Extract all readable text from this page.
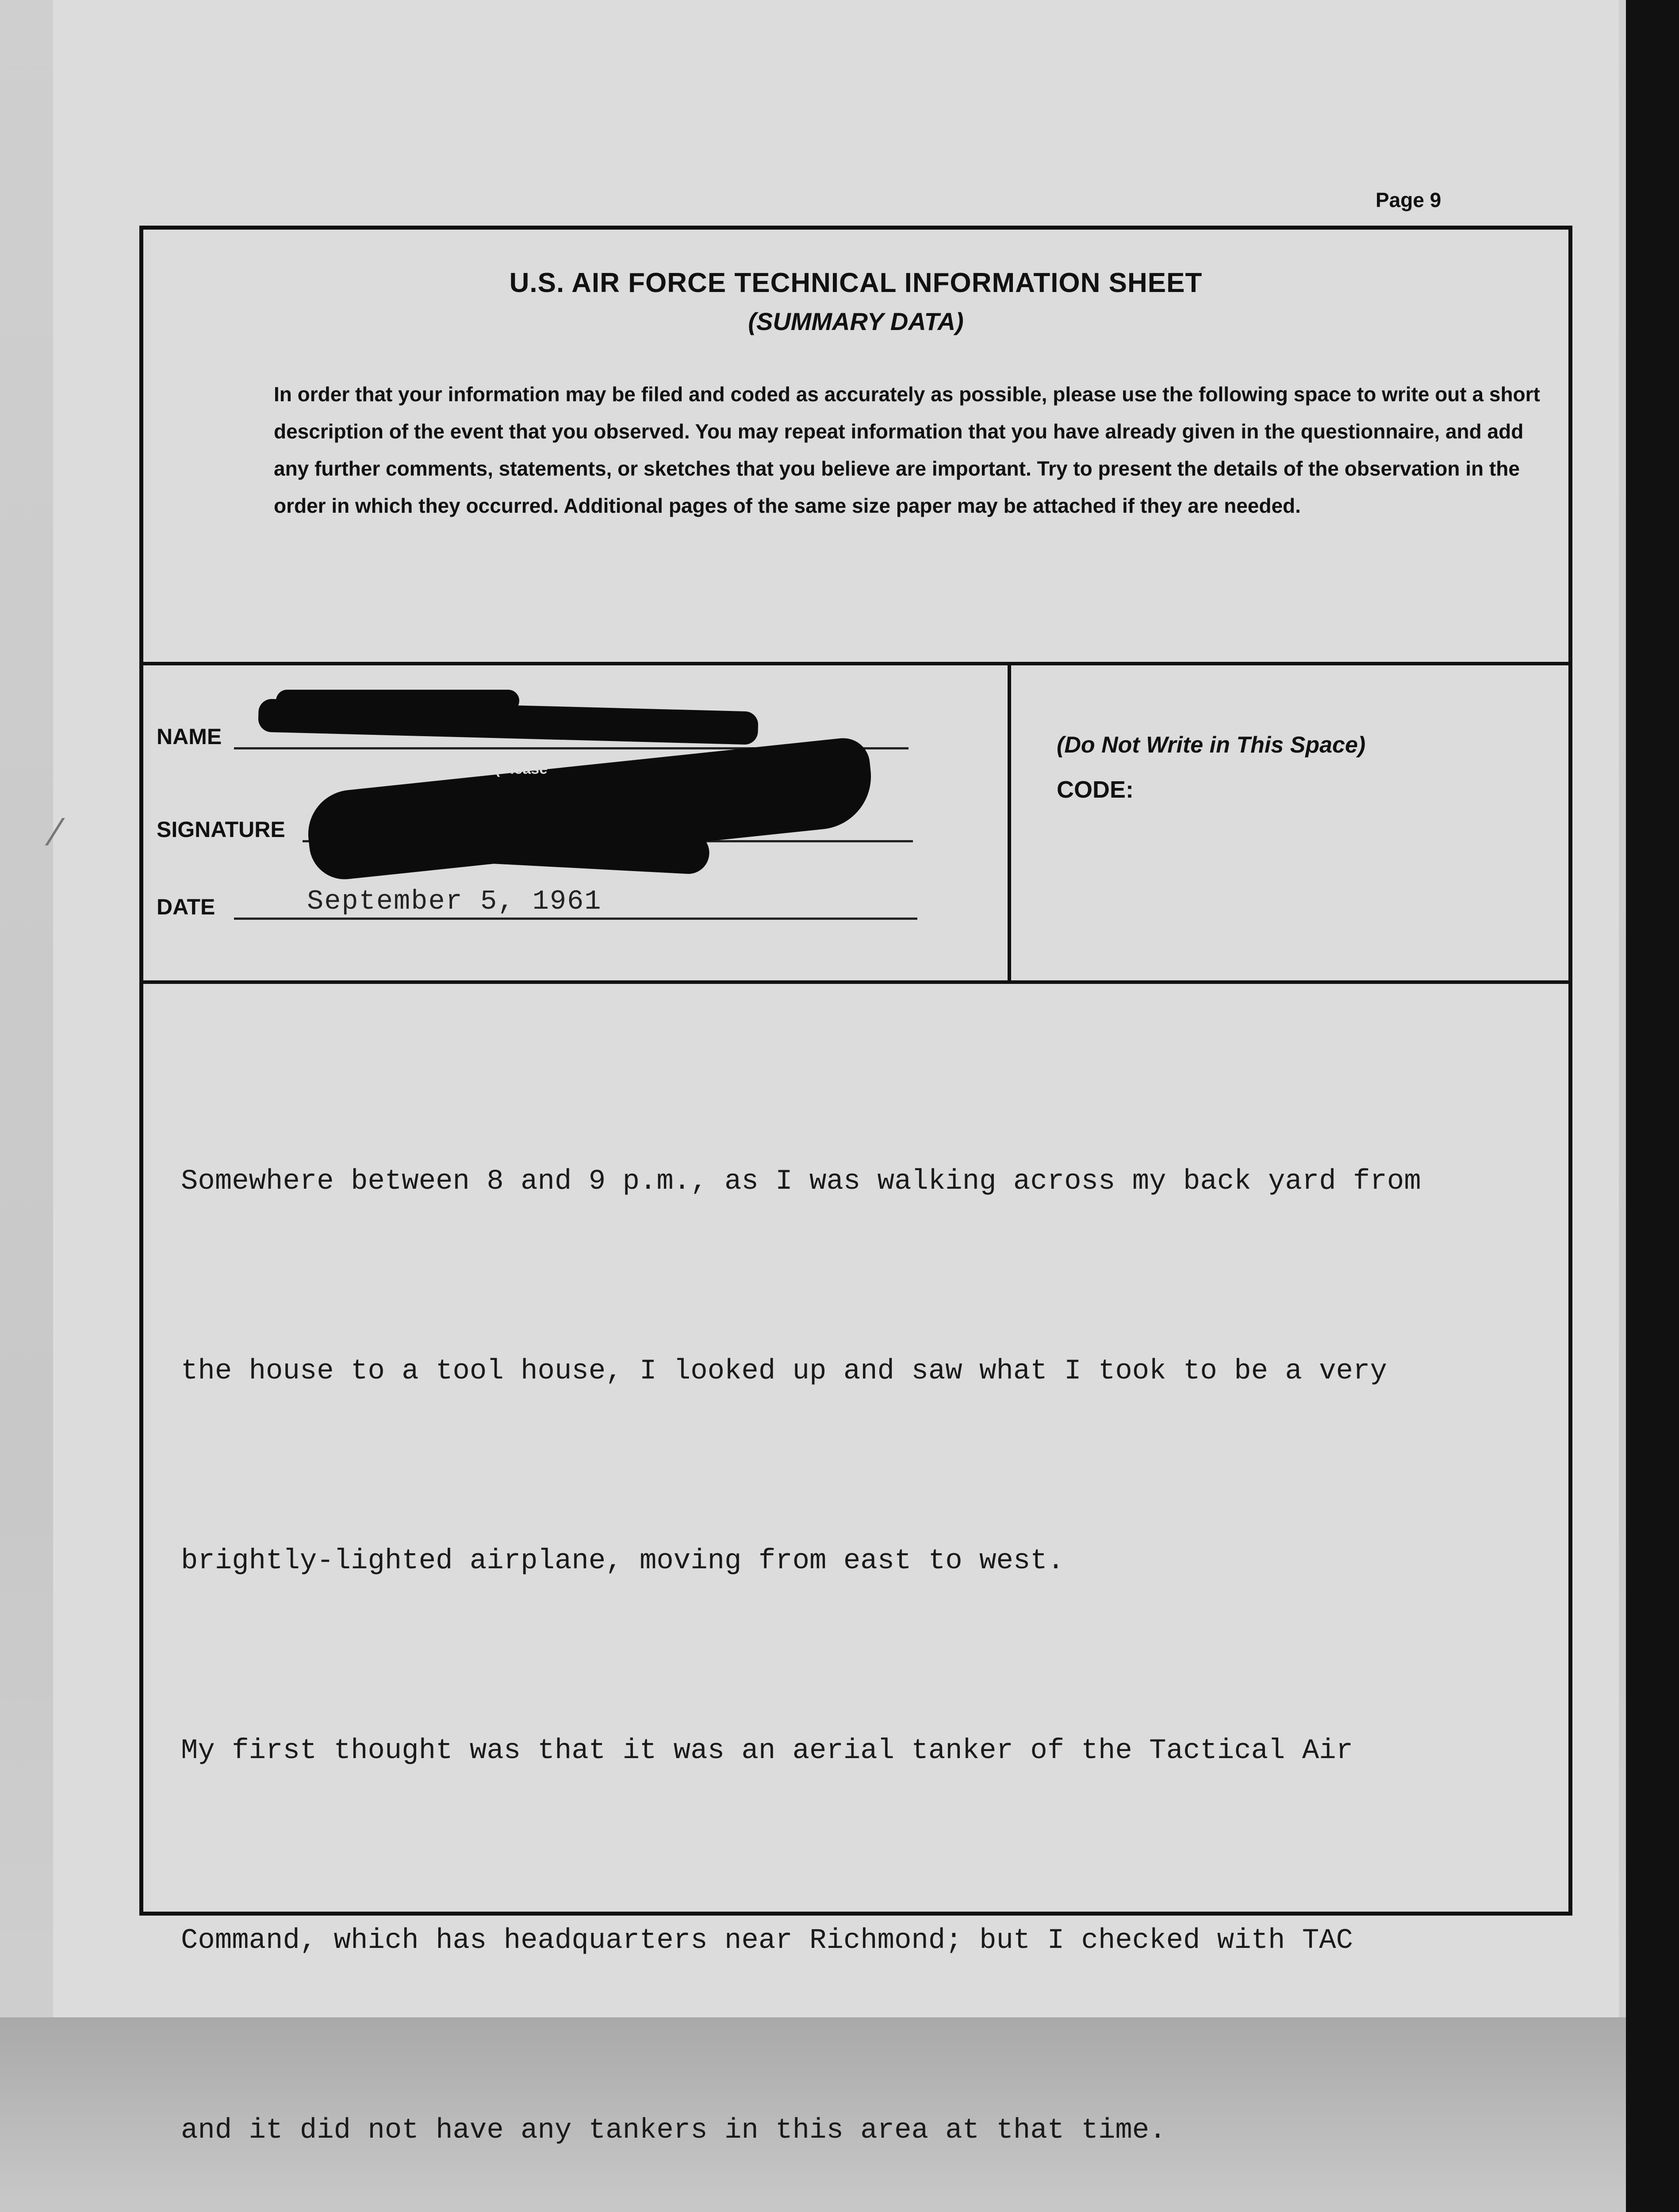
Page 9
U.S. AIR FORCE TECHNICAL INFORMATION SHEET
(SUMMARY DATA)
In order that your information may be filed and coded as accurately as possible, please use the following space to write out a short description of the event that you observed. You may repeat information that you have already given in the questionnaire, and add any further comments, statements, or sketches that you believe are important. Try to present the details of the observation in the order in which they occurred. Additional pages of the same size paper may be attached if they are needed.
NAME
SIGNATURE
DATE	September 5, 1961
(Please
(Do Not Write in This Space)
CODE:

Somewhere between 8 and 9 p.m., as I was walking across my back yard from

the house to a tool house, I looked up and saw what I took to be a very

brightly-lighted airplane, moving from east to west.

My first thought was that it was an aerial tanker of the Tactical Air

Command, which has headquarters near Richmond; but I checked with TAC

and it did not have any tankers in this area at that time.

⁄
